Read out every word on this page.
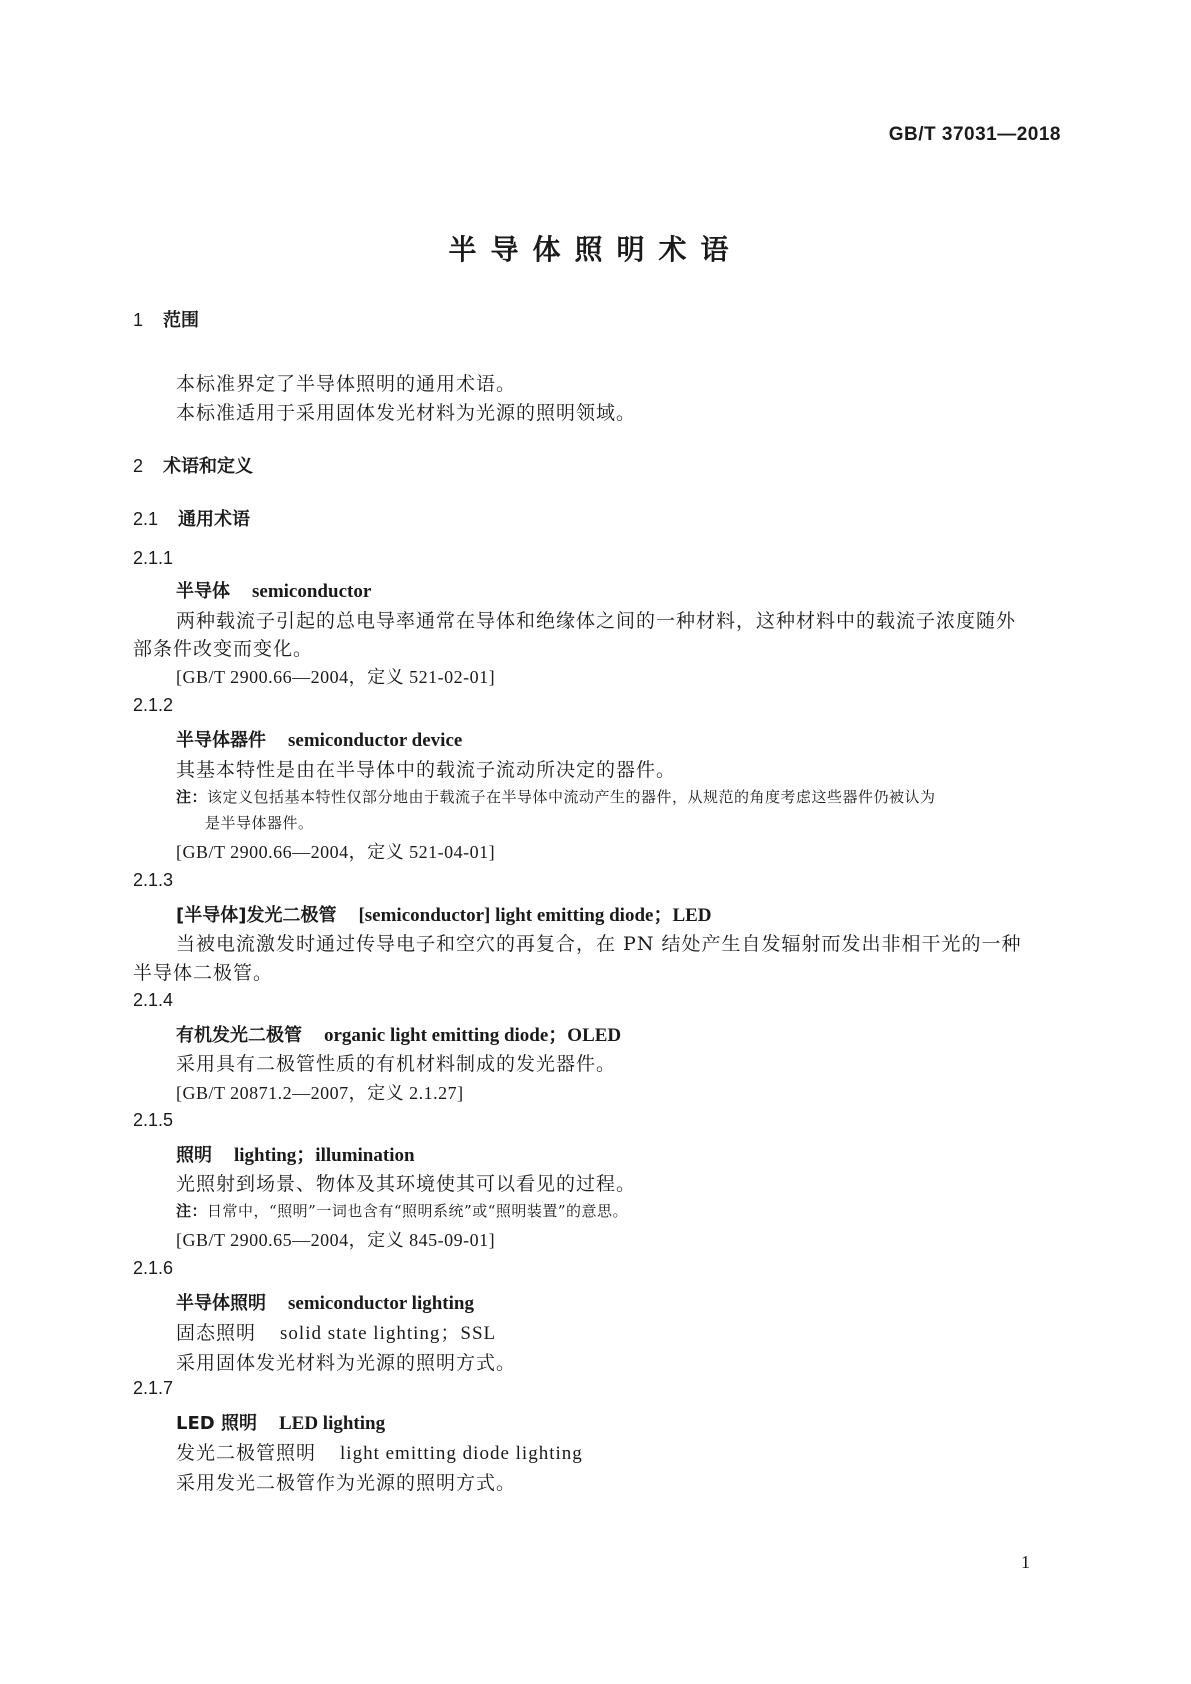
GB/T 37031—2018
半导体照明术语
1 范围
本标准界定了半导体照明的通用术语。
本标准适用于采用固体发光材料为光源的照明领域。
2 术语和定义
2.1 通用术语
2.1.1
半导体 semiconductor
两种载流子引起的总电导率通常在导体和绝缘体之间的一种材料，这种材料中的载流子浓度随外
部条件改变而变化。
[GB/T 2900.66—2004，定义 521-02-01]
2.1.2
半导体器件 semiconductor device
其基本特性是由在半导体中的载流子流动所决定的器件。
注：该定义包括基本特性仅部分地由于载流子在半导体中流动产生的器件，从规范的角度考虑这些器件仍被认为
是半导体器件。
[GB/T 2900.66—2004，定义 521-04-01]
2.1.3
[半导体]发光二极管 [semiconductor] light emitting diode；LED
当被电流激发时通过传导电子和空穴的再复合，在 PN 结处产生自发辐射而发出非相干光的一种
半导体二极管。
2.1.4
有机发光二极管 organic light emitting diode；OLED
采用具有二极管性质的有机材料制成的发光器件。
[GB/T 20871.2—2007，定义 2.1.27]
2.1.5
照明 lighting；illumination
光照射到场景、物体及其环境使其可以看见的过程。
注：日常中，“照明”一词也含有“照明系统”或“照明装置”的意思。
[GB/T 2900.65—2004，定义 845-09-01]
2.1.6
半导体照明 semiconductor lighting
固态照明 solid state lighting；SSL
采用固体发光材料为光源的照明方式。
2.1.7
LED 照明 LED lighting
发光二极管照明 light emitting diode lighting
采用发光二极管作为光源的照明方式。
1
